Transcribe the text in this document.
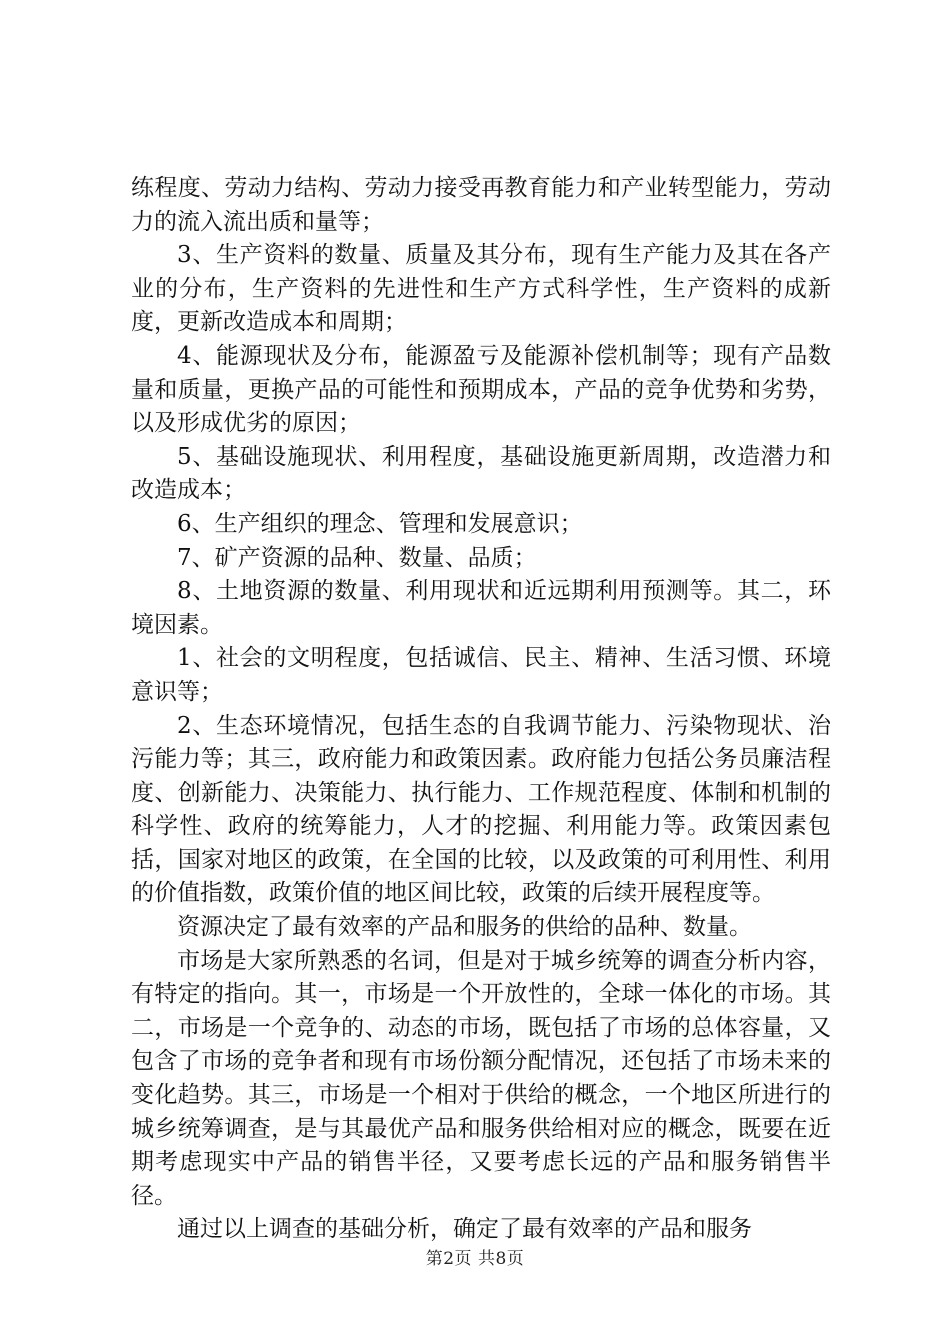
练程度、劳动力结构、劳动力接受再教育能力和产业转型能力，劳动力的流入流出质和量等；

3、生产资料的数量、质量及其分布，现有生产能力及其在各产业的分布，生产资料的先进性和生产方式科学性，生产资料的成新度，更新改造成本和周期；

4、能源现状及分布，能源盈亏及能源补偿机制等；现有产品数量和质量，更换产品的可能性和预期成本，产品的竞争优势和劣势，以及形成优劣的原因；

5、基础设施现状、利用程度，基础设施更新周期，改造潜力和改造成本；

6、生产组织的理念、管理和发展意识；

7、矿产资源的品种、数量、品质；

8、土地资源的数量、利用现状和近远期利用预测等。其二，环境因素。

1、社会的文明程度，包括诚信、民主、精神、生活习惯、环境意识等；

2、生态环境情况，包括生态的自我调节能力、污染物现状、治污能力等；其三，政府能力和政策因素。政府能力包括公务员廉洁程度、创新能力、决策能力、执行能力、工作规范程度、体制和机制的科学性、政府的统筹能力，人才的挖掘、利用能力等。政策因素包括，国家对地区的政策，在全国的比较，以及政策的可利用性、利用的价值指数，政策价值的地区间比较，政策的后续开展程度等。

资源决定了最有效率的产品和服务的供给的品种、数量。

市场是大家所熟悉的名词，但是对于城乡统筹的调查分析内容，有特定的指向。其一，市场是一个开放性的，全球一体化的市场。其二，市场是一个竞争的、动态的市场，既包括了市场的总体容量，又包含了市场的竞争者和现有市场份额分配情况，还包括了市场未来的变化趋势。其三，市场是一个相对于供给的概念，一个地区所进行的城乡统筹调查，是与其最优产品和服务供给相对应的概念，既要在近期考虑现实中产品的销售半径，又要考虑长远的产品和服务销售半径。

通过以上调查的基础分析，确定了最有效率的产品和服务

第2页 共8页
